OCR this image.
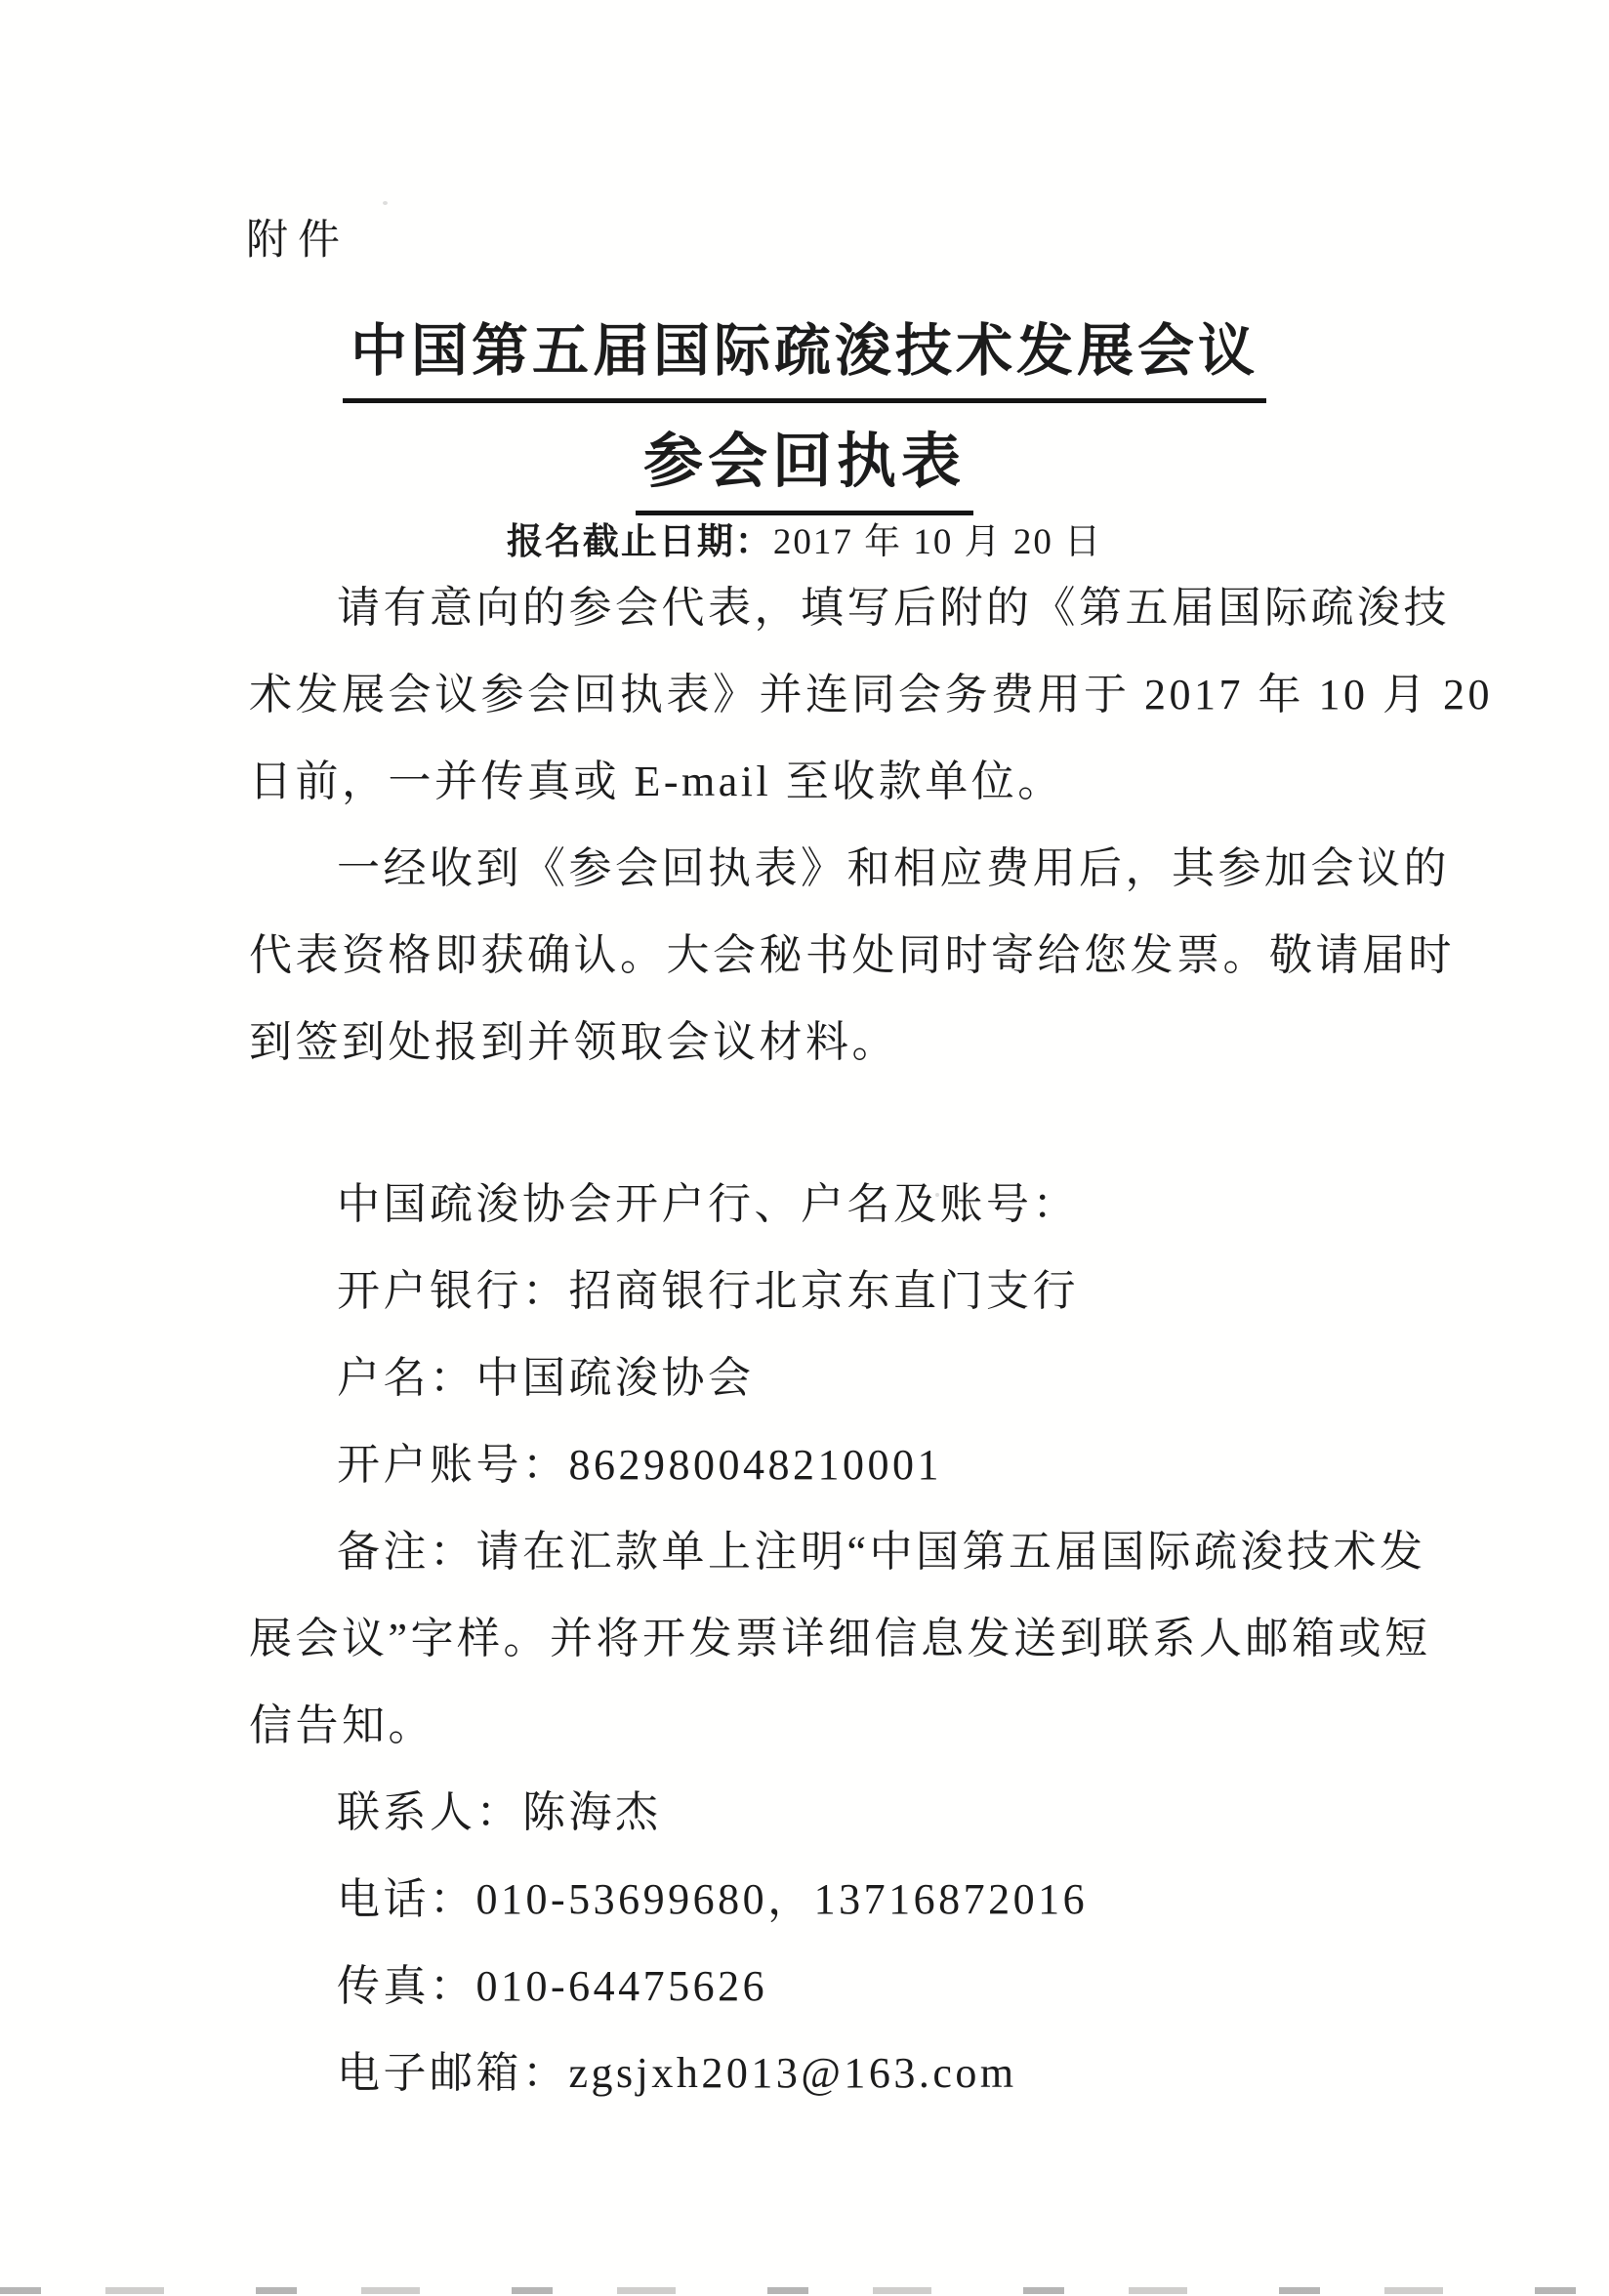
附件
中国第五届国际疏浚技术发展会议
参会回执表
报名截止日期：2017 年 10 月 20 日
请有意向的参会代表，填写后附的《第五届国际疏浚技
术发展会议参会回执表》并连同会务费用于 2017 年 10 月 20
日前，一并传真或 E-mail 至收款单位。
一经收到《参会回执表》和相应费用后，其参加会议的
代表资格即获确认。大会秘书处同时寄给您发票。敬请届时
到签到处报到并领取会议材料。
中国疏浚协会开户行、户名及账号：
开户银行：招商银行北京东直门支行
户名：中国疏浚协会
开户账号：862980048210001
备注：请在汇款单上注明“中国第五届国际疏浚技术发
展会议”字样。并将开发票详细信息发送到联系人邮箱或短
信告知。
联系人：陈海杰
电话：010-53699680，13716872016
传真：010-64475626
电子邮箱：zgsjxh2013@163.com
